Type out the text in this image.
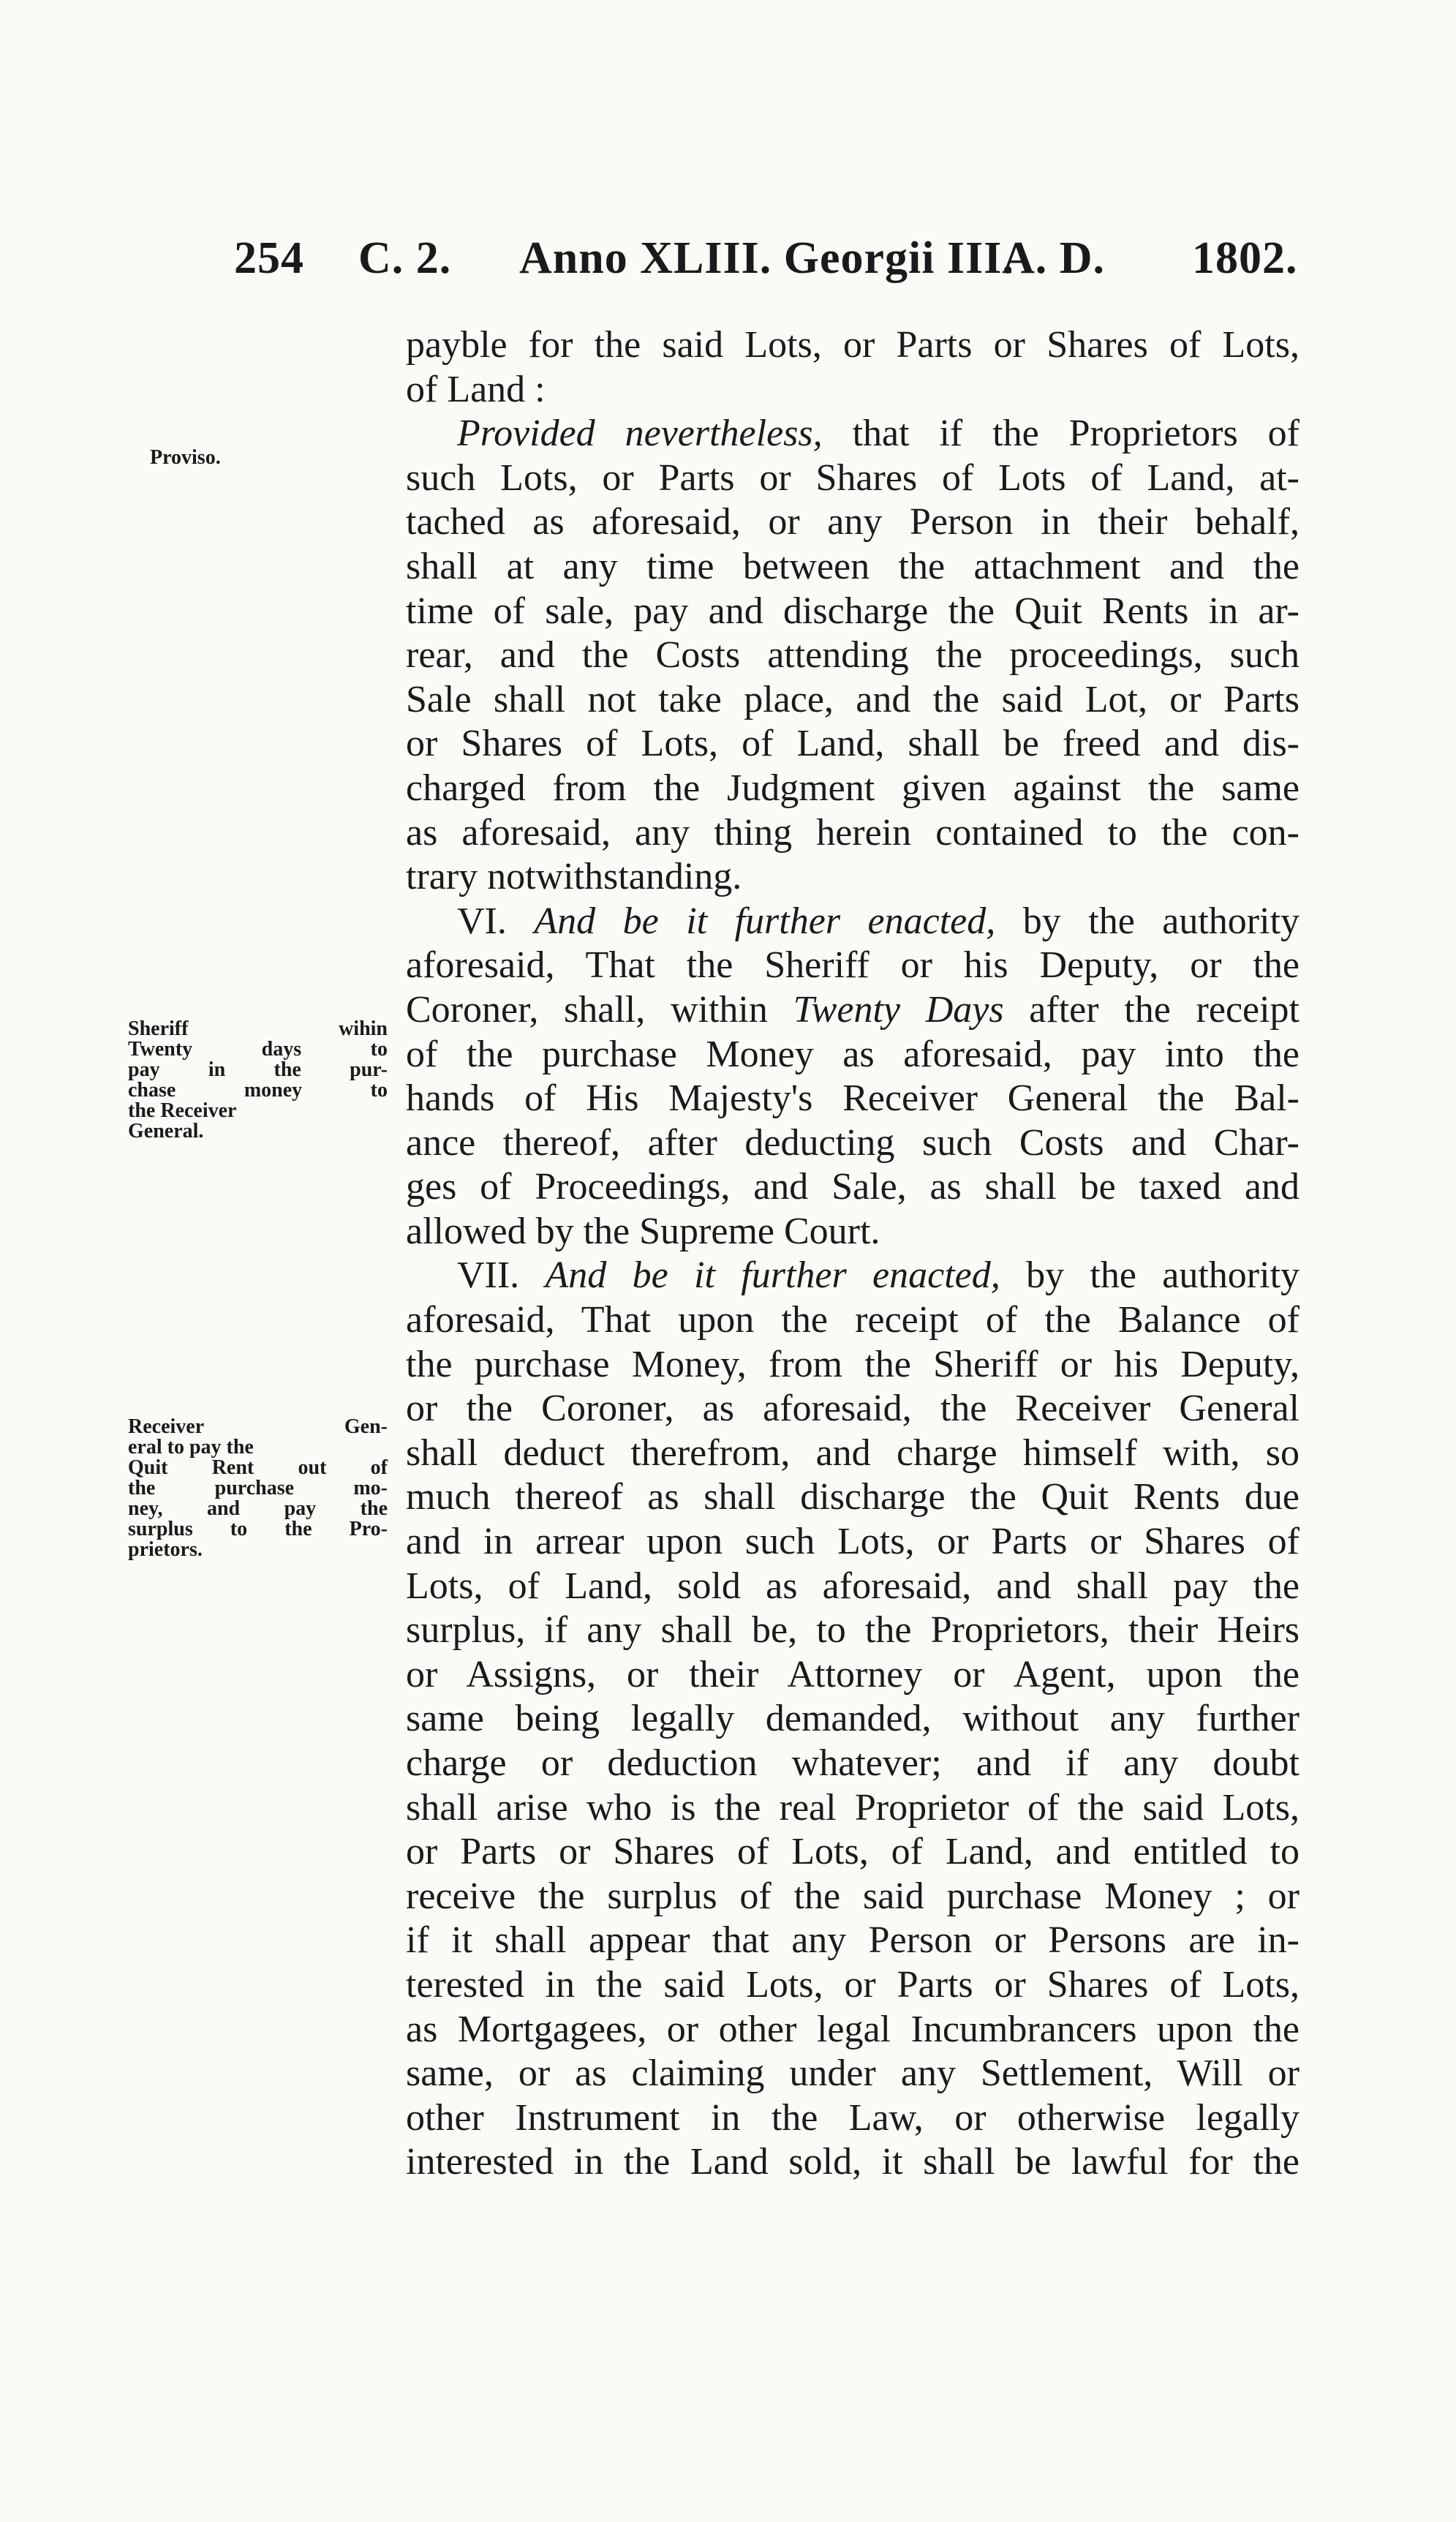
254 C. 2. Anno XLIII. Georgii III.
A. D. 1802.
Proviso.
Sheriff wihin
Twenty days to
pay in the pur-
chase money to
the Receiver
General.
Receiver Gen-
eral to pay the
Quit Rent out of
the purchase mo-
ney, and pay the
surplus to the Pro-
prietors.
payble for the said Lots, or Parts or Shares of Lots,
of Land :
Provided nevertheless, that if the Proprietors of
such Lots, or Parts or Shares of Lots of Land, at-
tached as aforesaid, or any Person in their behalf,
shall at any time between the attachment and the
time of sale, pay and discharge the Quit Rents in ar-
rear, and the Costs attending the proceedings, such
Sale shall not take place, and the said Lot, or Parts
or Shares of Lots, of Land, shall be freed and dis-
charged from the Judgment given against the same
as aforesaid, any thing herein contained to the con-
trary notwithstanding.
VI. And be it further enacted, by the authority
aforesaid, That the Sheriff or his Deputy, or the
Coroner, shall, within Twenty Days after the receipt
of the purchase Money as aforesaid, pay into the
hands of His Majesty's Receiver General the Bal-
ance thereof, after deducting such Costs and Char-
ges of Proceedings, and Sale, as shall be taxed and
allowed by the Supreme Court.
VII. And be it further enacted, by the authority
aforesaid, That upon the receipt of the Balance of
the purchase Money, from the Sheriff or his Deputy,
or the Coroner, as aforesaid, the Receiver General
shall deduct therefrom, and charge himself with, so
much thereof as shall discharge the Quit Rents due
and in arrear upon such Lots, or Parts or Shares of
Lots, of Land, sold as aforesaid, and shall pay the
surplus, if any shall be, to the Proprietors, their Heirs
or Assigns, or their Attorney or Agent, upon the
same being legally demanded, without any further
charge or deduction whatever; and if any doubt
shall arise who is the real Proprietor of the said Lots,
or Parts or Shares of Lots, of Land, and entitled to
receive the surplus of the said purchase Money ; or
if it shall appear that any Person or Persons are in-
terested in the said Lots, or Parts or Shares of Lots,
as Mortgagees, or other legal Incumbrancers upon the
same, or as claiming under any Settlement, Will or
other Instrument in the Law, or otherwise legally
interested in the Land sold, it shall be lawful for the
